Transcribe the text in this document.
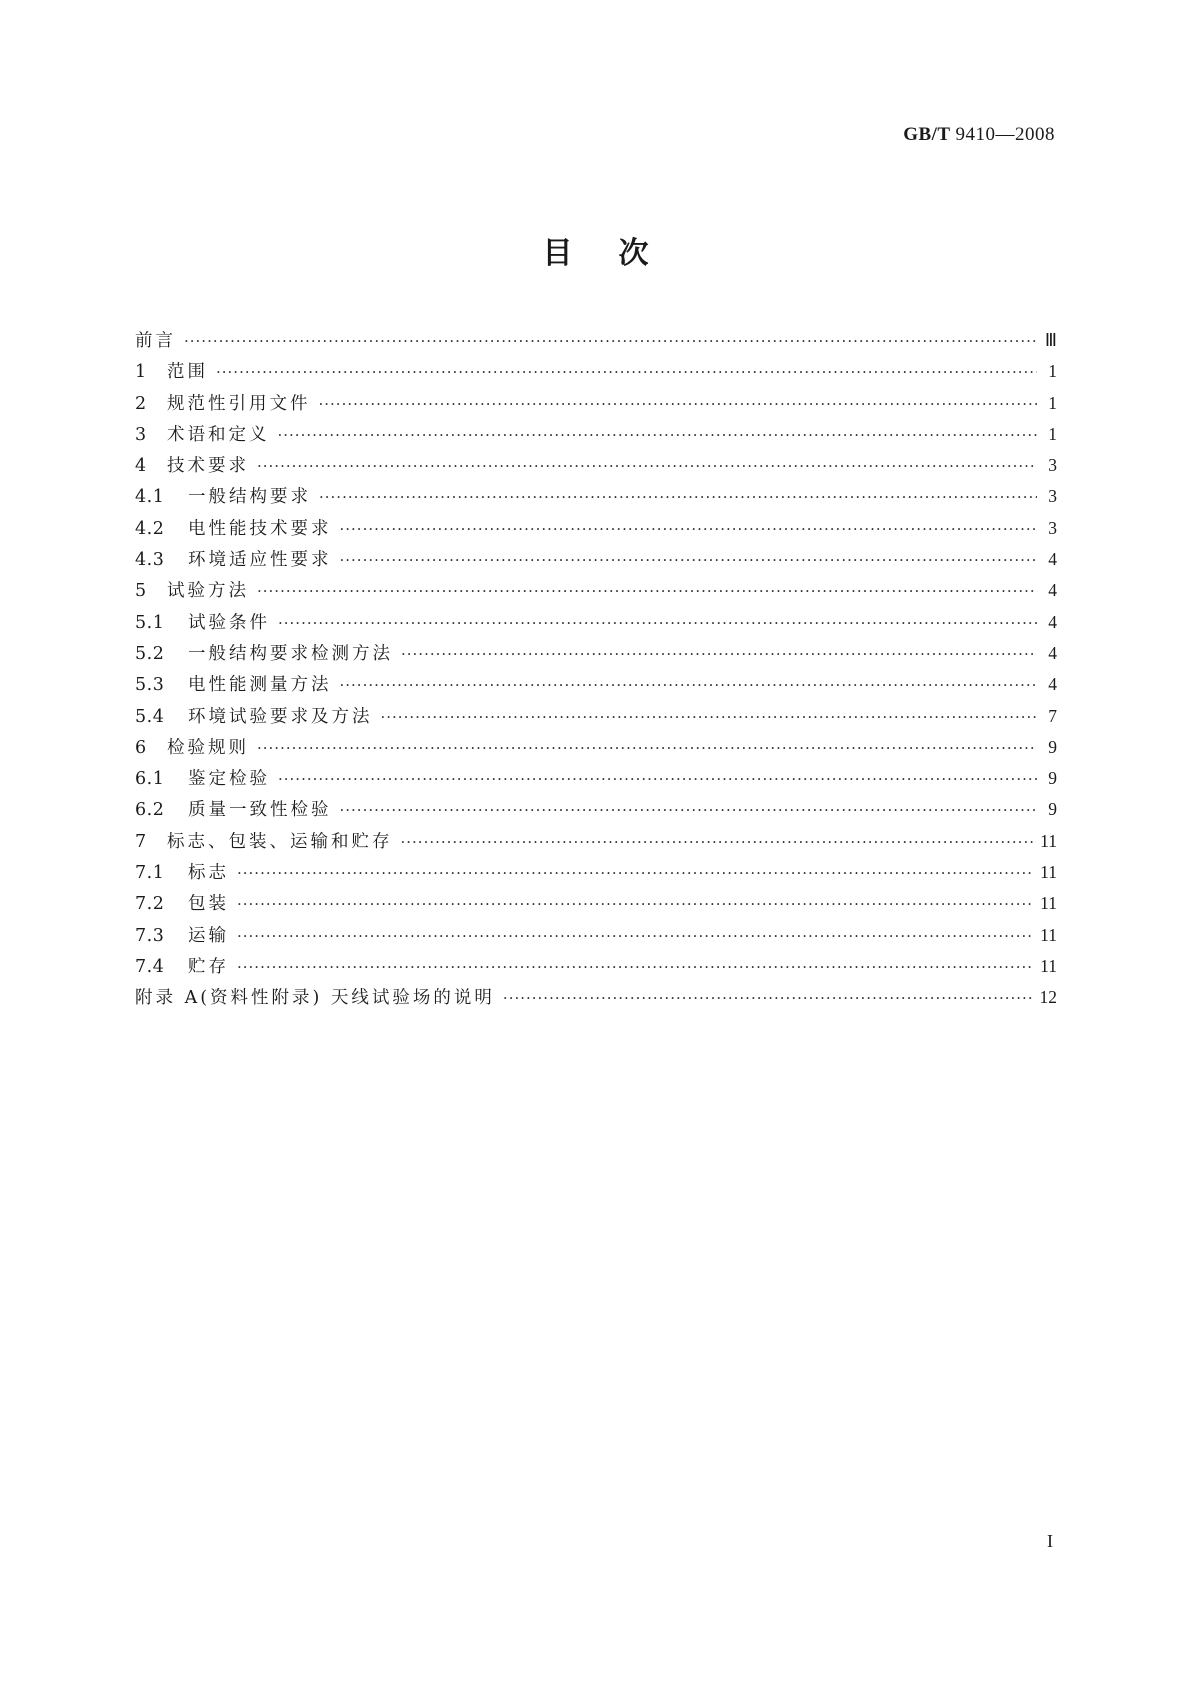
GB/T 9410—2008
目次
前言 ·····	Ⅲ
1	范围 ·····	1
2	规范性引用文件 ·····	1
3	术语和定义 ·····	1
4	技术要求 ·····	3
4.1	一般结构要求 ·····	3
4.2	电性能技术要求 ·····	3
4.3	环境适应性要求 ·····	4
5	试验方法 ·····	4
5.1	试验条件 ·····	4
5.2	一般结构要求检测方法 ·····	4
5.3	电性能测量方法 ·····	4
5.4	环境试验要求及方法 ·····	7
6	检验规则 ·····	9
6.1	鉴定检验 ·····	9
6.2	质量一致性检验 ·····	9
7	标志、包装、运输和贮存 ·····	11
7.1	标志 ·····	11
7.2	包装 ·····	11
7.3	运输 ·····	11
7.4	贮存 ·····	11
附录 A(资料性附录) 天线试验场的说明 ·····	12
I
